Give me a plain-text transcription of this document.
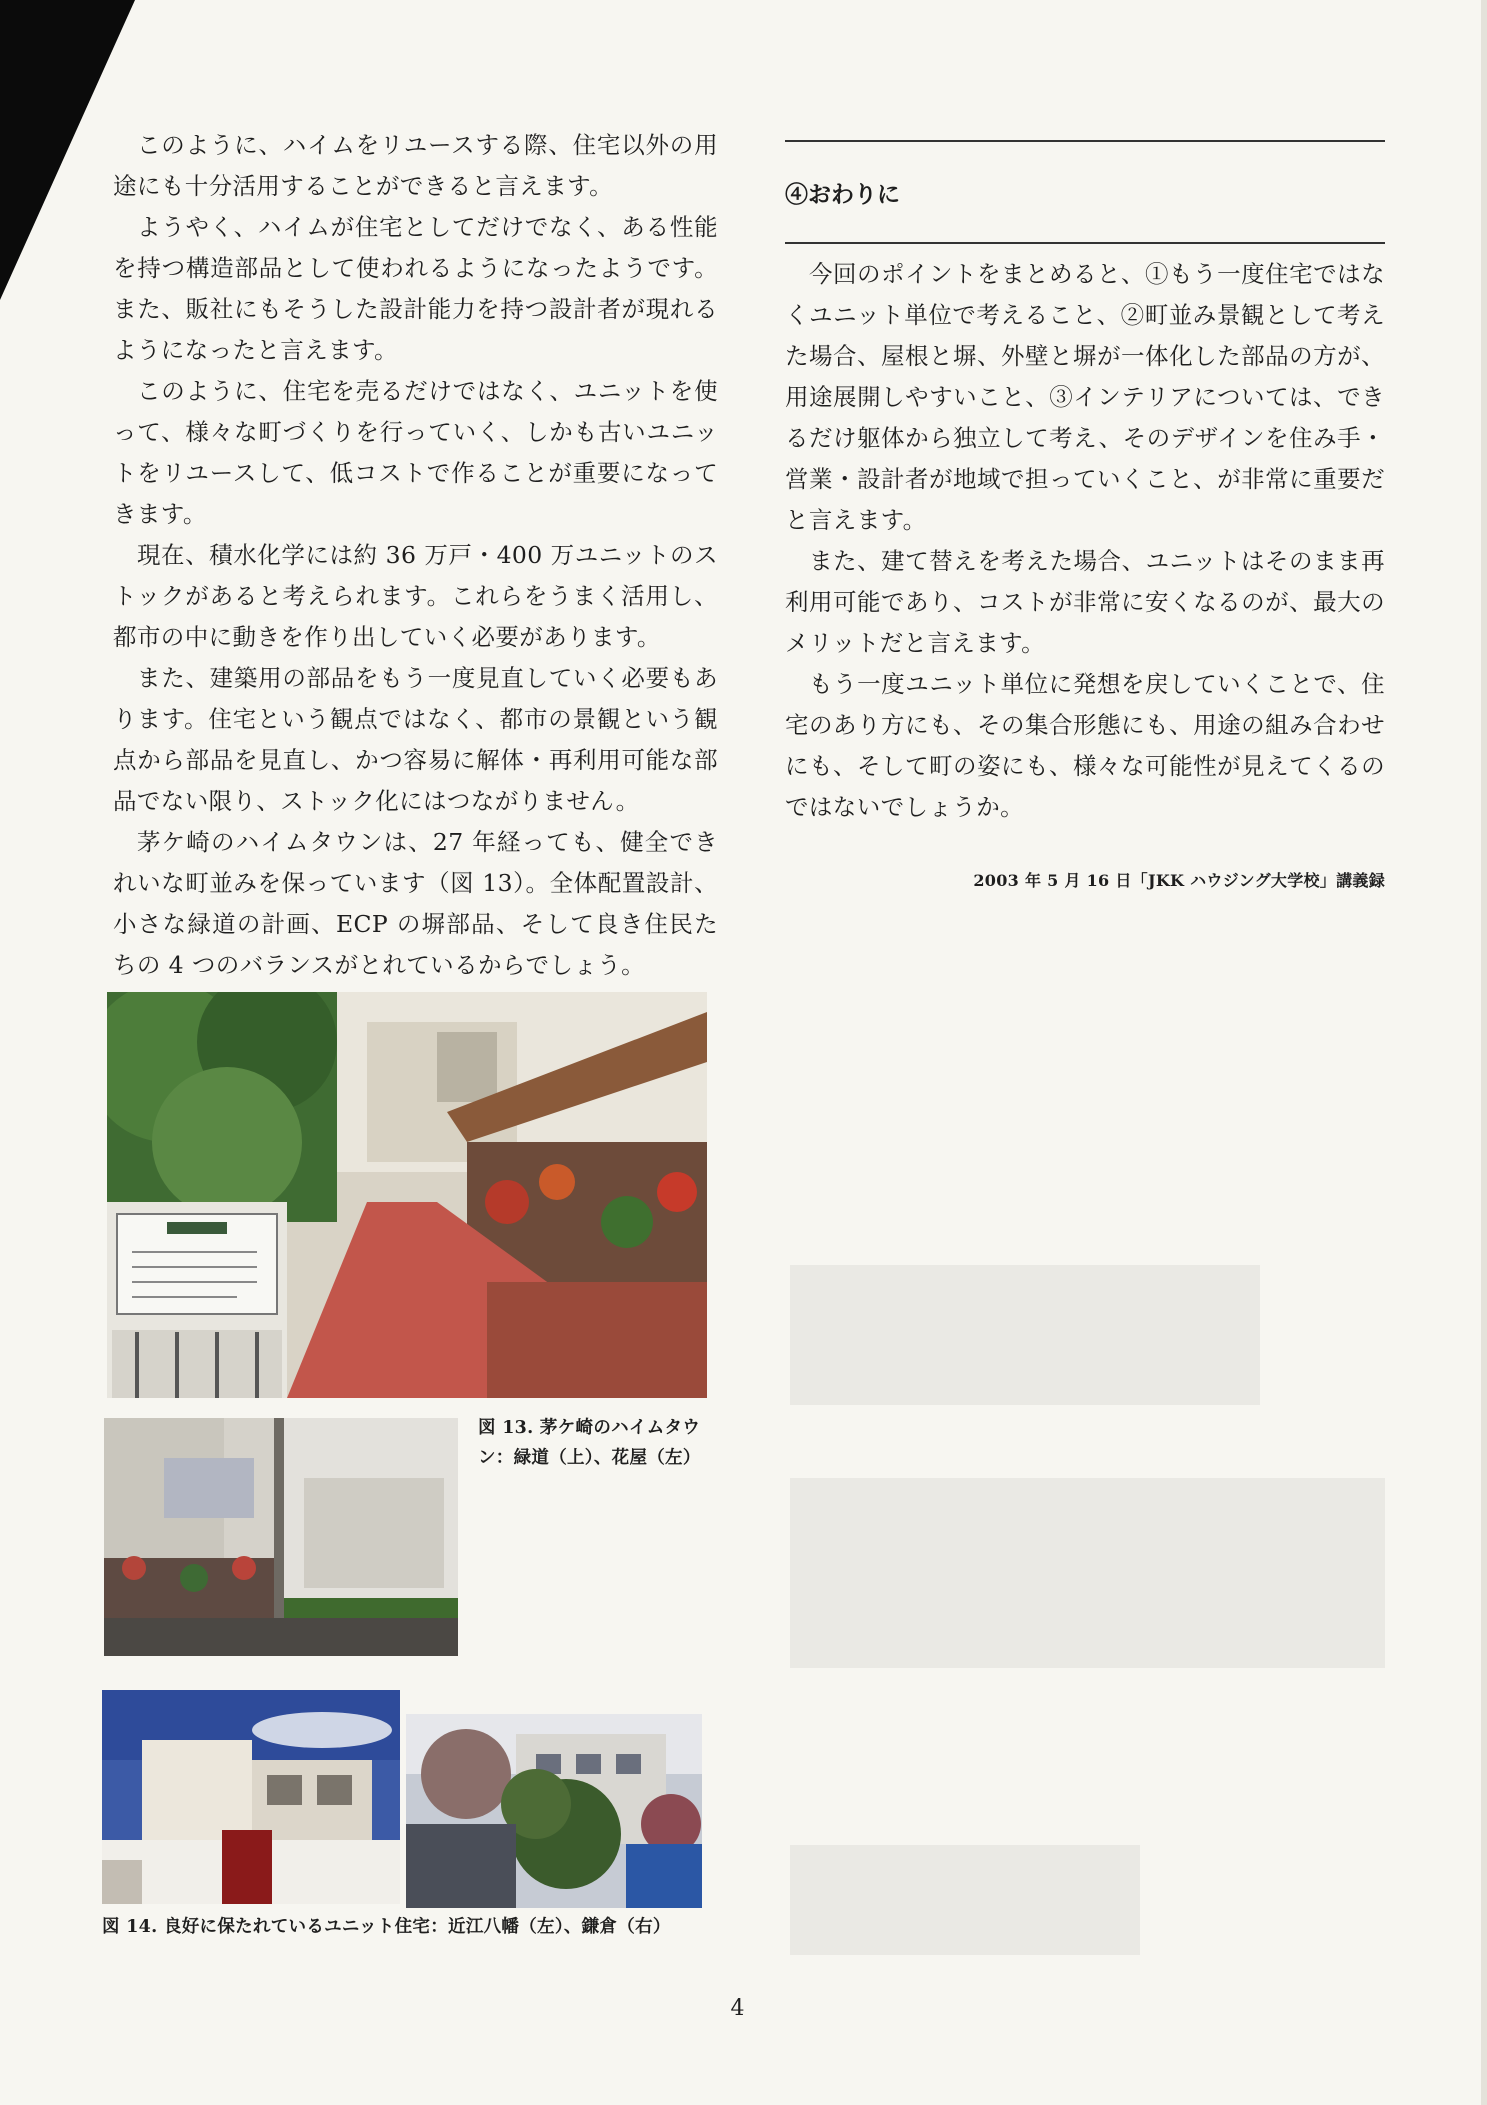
このように、ハイムをリユースする際、住宅以外の用途にも十分活用することができると言えます。

ようやく、ハイムが住宅としてだけでなく、ある性能を持つ構造部品として使われるようになったようです。また、販社にもそうした設計能力を持つ設計者が現れるようになったと言えます。

このように、住宅を売るだけではなく、ユニットを使って、様々な町づくりを行っていく、しかも古いユニットをリユースして、低コストで作ることが重要になってきます。

現在、積水化学には約 36 万戸・400 万ユニットのストックがあると考えられます。これらをうまく活用し、都市の中に動きを作り出していく必要があります。

また、建築用の部品をもう一度見直していく必要もあります。住宅という観点ではなく、都市の景観という観点から部品を見直し、かつ容易に解体・再利用可能な部品でない限り、ストック化にはつながりません。

茅ケ崎のハイムタウンは、27 年経っても、健全できれいな町並みを保っています（図 13）。全体配置設計、小さな緑道の計画、ECP の塀部品、そして良き住民たちの 4 つのバランスがとれているからでしょう。

④おわりに

今回のポイントをまとめると、①もう一度住宅ではなくユニット単位で考えること、②町並み景観として考えた場合、屋根と塀、外壁と塀が一体化した部品の方が、用途展開しやすいこと、③インテリアについては、できるだけ躯体から独立して考え、そのデザインを住み手・営業・設計者が地域で担っていくこと、が非常に重要だと言えます。

また、建て替えを考えた場合、ユニットはそのまま再利用可能であり、コストが非常に安くなるのが、最大のメリットだと言えます。

もう一度ユニット単位に発想を戻していくことで、住宅のあり方にも、その集合形態にも、用途の組み合わせにも、そして町の姿にも、様々な可能性が見えてくるのではないでしょうか。

2003 年 5 月 16 日「JKK ハウジング大学校」講義録
図 13. 茅ケ崎のハイムタウン：緑道（上）、花屋（左）
図 14. 良好に保たれているユニット住宅：近江八幡（左）、鎌倉（右）
4
